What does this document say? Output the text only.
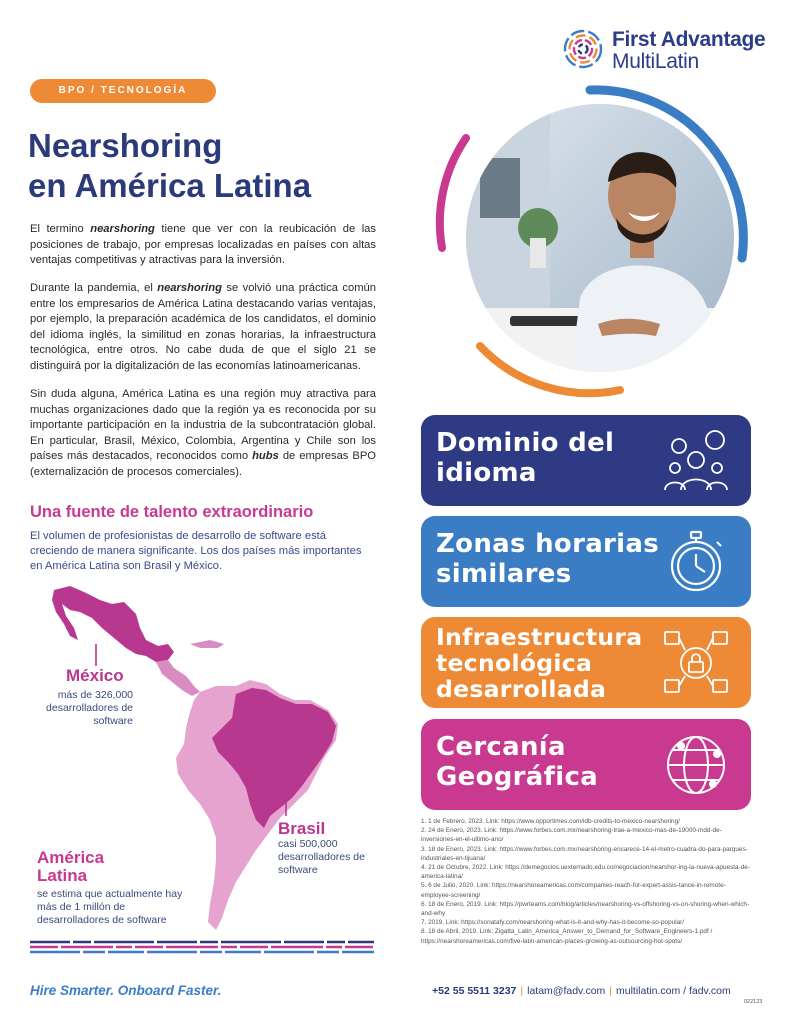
First Advantage
MultiLatin
BPO / TECNOLOGÍA
Nearshoring
en América Latina

El termino nearshoring tiene que ver con la reubicación de las posiciones de trabajo, por empresas localizadas en países con altas ventajas competitivas y atractivas para la inversión.

Durante la pandemia, el nearshoring se volvió una práctica común entre los empresarios de América Latina destacando varias ventajas, por ejemplo, la preparación académica de los candidatos, el dominio del idioma inglés, la similitud en zonas horarias, la infraestructura tecnológica, entre otros. No cabe duda de que el siglo 21 se distinguirá por la digitalización de las economías latinoamericanas.

Sin duda alguna, América Latina es una región muy atractiva para muchas organizaciones dado que la región ya es reconocida por su importante participación en la industria de la subcontratación global. En particular, Brasil, México, Colombia, Argentina y Chile son los países más destacados, reconocidos como hubs de empresas BPO (externalización de procesos comerciales).

Una fuente de talento extraordinario

El volumen de profesionistas de desarrollo de software está creciendo de manera significante. Los dos países más importantes en América Latina son Brasil y México.

México
más de 326,000 desarrolladores de software
Brasil
casi 500,000 desarrolladores de software
América Latina
se estima que actualmente hay más de 1 millón de desarrolladores de software
Dominio del
idioma
Zonas horarias
similares
Infraestructura
tecnológica
desarrollada
Cercanía
Geográfica
1. 1 de Febrero, 2023. Link: https://www.opportimes.com/idb-credits-to-mexico-nearshoring/
2. 24 de Enero, 2023. Link: https://www.forbes.com.mx/nearshoring-trae-a-mexico-mas-de-19000-mdd-de-inversiones-en-el-ultimo-ano/
3. 18 de Enero, 2023. Link: https://www.forbes.com.mx/nearshoring-encarece-14-el-metro-cuadra-do-para-parques-industriales-en-tijuana/
4. 21 de Octubre, 2022. Link: https://demegocios.uexternado.edu.co/negociacion/nearshor-ing-la-nueva-apuesta-de-america-latina/
5. 6 de Julio, 2020. Link: https://nearshoreamericas.com/companies-reach-for-expert-assis-tance-in-remote-employee-screening/
6. 18 de Enero, 2019. Link: https://pwrteams.com/blog/articles/nearshoring-vs-offshoring-vs-on-shoring-when-which-and-why
7. 2019. Link: https://sonatafy.com/nearshoring-what-is-it-and-why-has-it-become-so-popular/
8. 18 de Abril, 2019. Link: Zigatta_Latin_America_Answer_to_Demand_for_Software_Engineers-1.pdf / https://nearshoreamericas.com/five-latin-american-places-growing-as-outsourcing-hot-spots/
Hire Smarter. Onboard Faster.	+52 55 5511 3237 | latam@fadv.com | multilatin.com / fadv.com
022123
